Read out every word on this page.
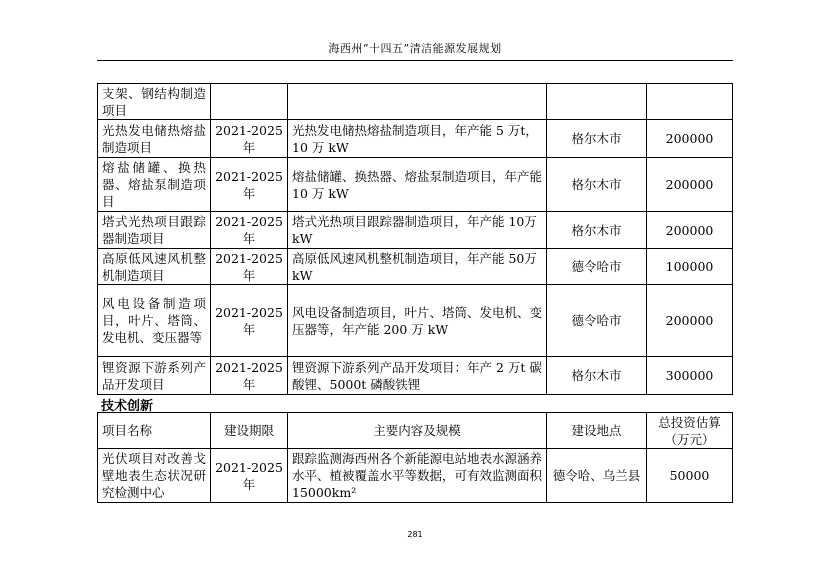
海西州“十四五”清洁能源发展规划
支架、钢结构制造项目				
光热发电储热熔盐制造项目	2021-2025年	光热发电储热熔盐制造项目，年产能 5 万t，10 万 kW	格尔木市	200000
熔盐储罐、换热器、熔盐泵制造项目	2021-2025年	熔盐储罐、换热器、熔盐泵制造项目，年产能 10 万 kW	格尔木市	200000
塔式光热项目跟踪器制造项目	2021-2025年	塔式光热项目跟踪器制造项目，年产能 10万 kW	格尔木市	200000
高原低风速风机整机制造项目	2021-2025年	高原低风速风机整机制造项目，年产能 50万 kW	德令哈市	100000
风电设备制造项目，叶片、塔筒、发电机、变压器等	2021-2025年	风电设备制造项目，叶片、塔筒、发电机、变压器等，年产能 200 万 kW	德令哈市	200000
锂资源下游系列产品开发项目	2021-2025年	锂资源下游系列产品开发项目：年产 2 万t 碳酸锂、5000t 磷酸铁锂	格尔木市	300000
技术创新
项目名称	建设期限	主要内容及规模	建设地点	总投资估算（万元）
光伏项目对改善戈壁地表生态状况研究检测中心	2021-2025年	跟踪监测海西州各个新能源电站地表水源涵养水平、植被覆盖水平等数据，可有效监测面积 15000km²	德令哈、乌兰县	50000
281
